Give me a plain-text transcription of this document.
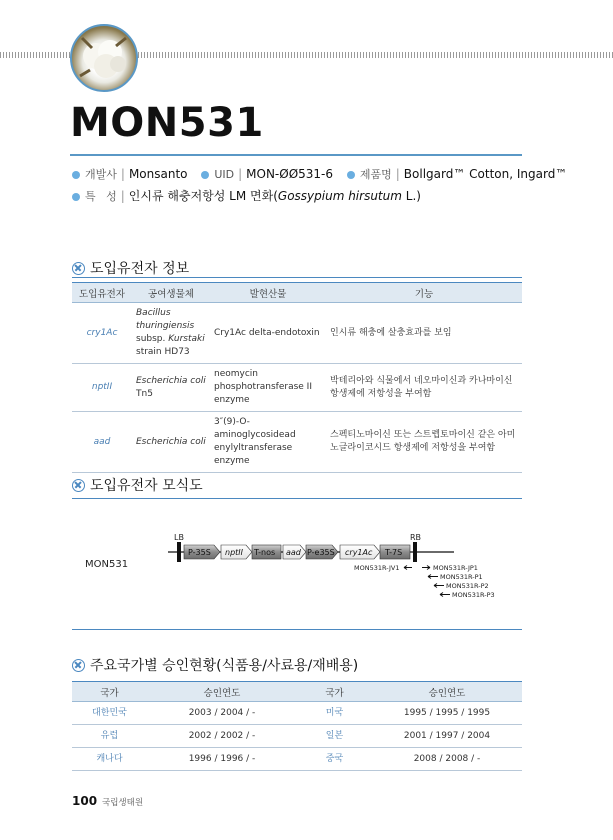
MON531
개발사 | Monsanto UID | MON-ØØ531-6 제품명 | Bollgard™ Cotton, Ingard™
특   성 | 인시류 해충저항성 LM 면화(Gossypium hirsutum L.)
도입유전자 정보
도입유전자	공여생물체	발현산물	기능
cry1Ac	Bacillus thuringiensis
subsp. Kurstaki
strain HD73	Cry1Ac delta-endotoxin	인시류 해충에 살충효과를 보임
nptII	Escherichia coli
Tn5	neomycin phosphotransferase II enzyme	박테리아와 식물에서 네오마이신과 카나마이신 항생제에 저항성을 부여함
aad	Escherichia coli	3″(9)-O-aminoglycosidead enylyltransferase enzyme	스펙티노마이신 또는 스트렙토마이신 같은 아미노글라이코시드 항생제에 저항성을 부여함
도입유전자 모식도
MON531
LB	RB
P-35S nptII T-nos aad P-e35S cry1Ac T-7S
MON531R-JV1	MON531R-JP1
MON531R-P1
MON531R-P2
MON531R-P3
주요국가별 승인현황(식품용/사료용/재배용)
국가	승인연도	국가	승인연도
대한민국	2003 / 2004 / -	미국	1995 / 1995 / 1995
유럽	2002 / 2002 / -	일본	2001 / 1997 / 2004
캐나다	1996 / 1996 / -	중국	2008 / 2008 / -
100 국립생태원
